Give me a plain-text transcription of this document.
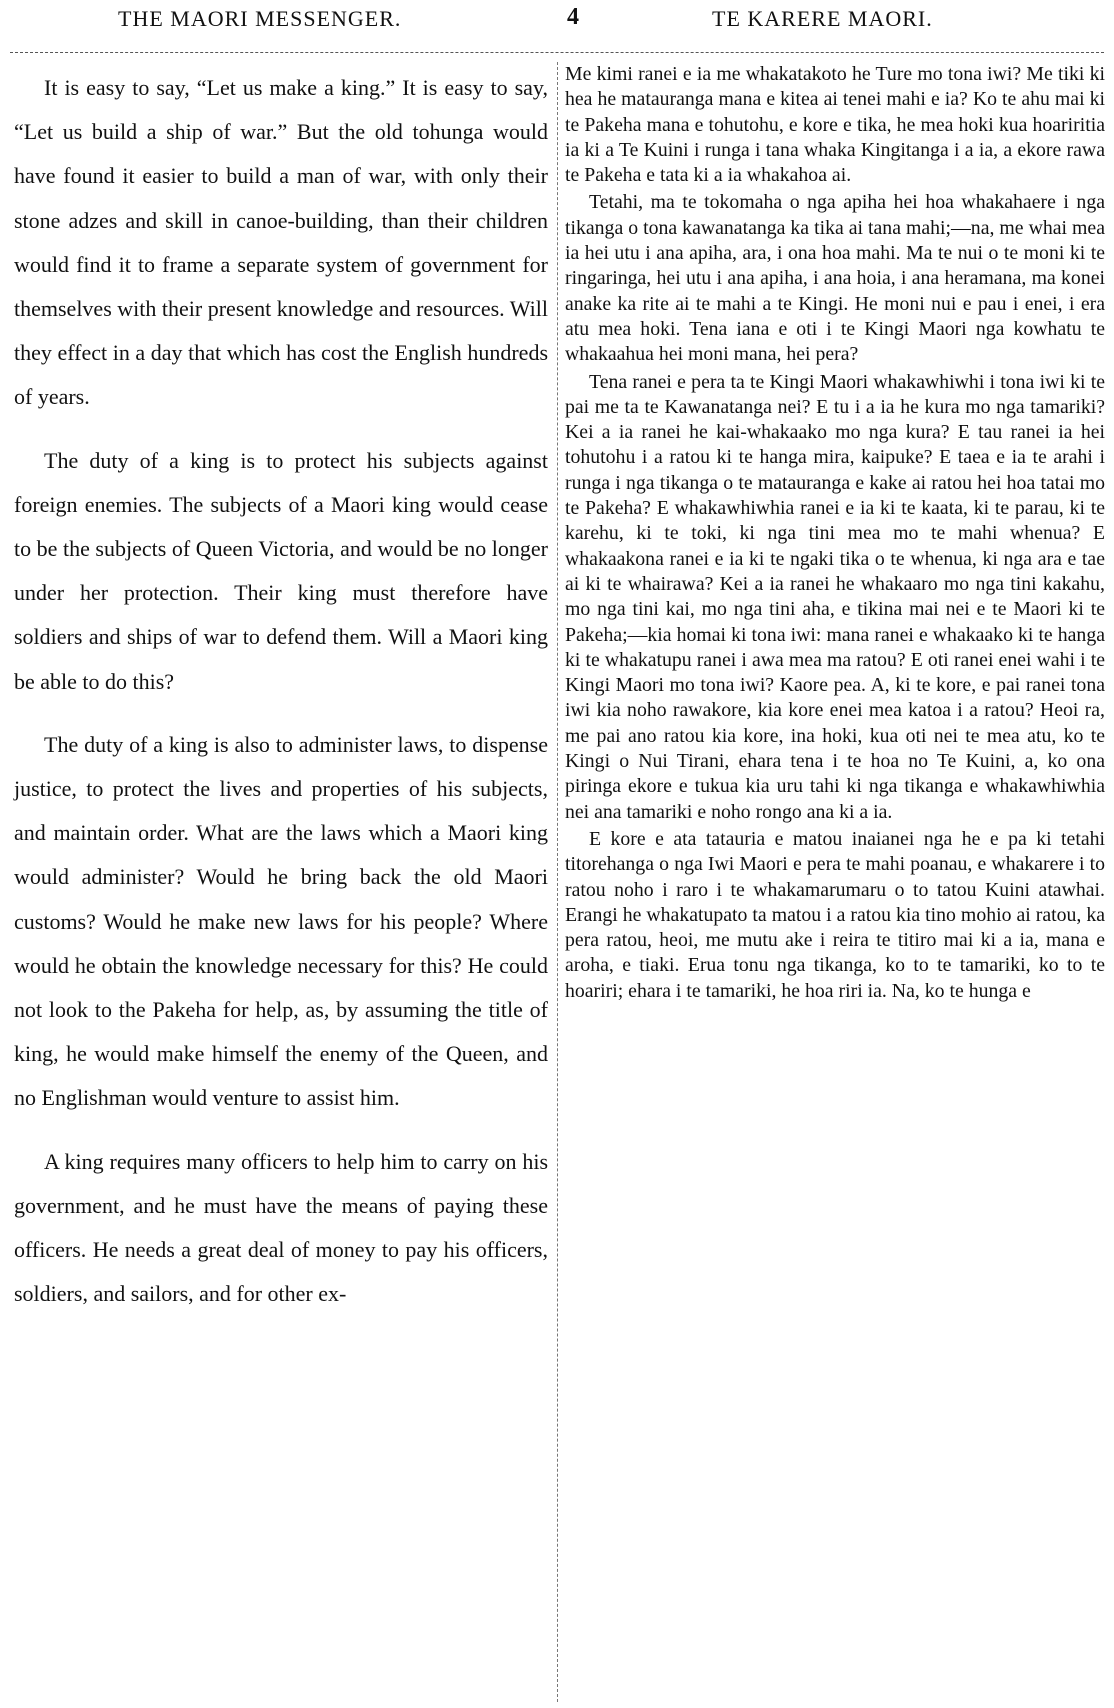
THE MAORI MESSENGER.	4	TE KARERE MAORI.

It is easy to say, “Let us make a king.” It is easy to say, “Let us build a ship of war.” But the old tohunga would have found it easier to build a man of war, with only their stone adzes and skill in canoe-building, than their children would find it to frame a separate system of government for themselves with their present knowledge and resources. Will they effect in a day that which has cost the English hundreds of years.

The duty of a king is to protect his subjects against foreign enemies. The subjects of a Maori king would cease to be the subjects of Queen Victoria, and would be no longer under her protection. Their king must therefore have soldiers and ships of war to defend them. Will a Maori king be able to do this?

The duty of a king is also to administer laws, to dispense justice, to protect the lives and properties of his subjects, and maintain order. What are the laws which a Maori king would administer? Would he bring back the old Maori customs? Would he make new laws for his people? Where would he obtain the knowledge necessary for this? He could not look to the Pakeha for help, as, by assuming the title of king, he would make himself the enemy of the Queen, and no Englishman would venture to assist him.

A king requires many officers to help him to carry on his government, and he must have the means of paying these officers. He needs a great deal of money to pay his officers, soldiers, and sailors, and for other ex-

Me kimi ranei e ia me whakatakoto he Ture mo tona iwi? Me tiki ki hea he matauranga mana e kitea ai tenei mahi e ia? Ko te ahu mai ki te Pakeha mana e tohutohu, e kore e tika, he mea hoki kua hoariritia ia ki a Te Kuini i runga i tana whaka Kingitanga i a ia, a ekore rawa te Pakeha e tata ki a ia whakahoa ai.

Tetahi, ma te tokomaha o nga apiha hei hoa whakahaere i nga tikanga o tona kawanatanga ka tika ai tana mahi;—na, me whai mea ia hei utu i ana apiha, ara, i ona hoa mahi. Ma te nui o te moni ki te ringaringa, hei utu i ana apiha, i ana hoia, i ana heramana, ma konei anake ka rite ai te mahi a te Kingi. He moni nui e pau i enei, i era atu mea hoki. Tena iana e oti i te Kingi Maori nga kowhatu te whakaahua hei moni mana, hei pera?

Tena ranei e pera ta te Kingi Maori whakawhiwhi i tona iwi ki te pai me ta te Kawanatanga nei? E tu i a ia he kura mo nga tamariki? Kei a ia ranei he kai-whakaako mo nga kura? E tau ranei ia hei tohutohu i a ratou ki te hanga mira, kaipuke? E taea e ia te arahi i runga i nga tikanga o te matauranga e kake ai ratou hei hoa tatai mo te Pakeha? E whakawhiwhia ranei e ia ki te kaata, ki te parau, ki te karehu, ki te toki, ki nga tini mea mo te mahi whenua? E whakaakona ranei e ia ki te ngaki tika o te whenua, ki nga ara e tae ai ki te whairawa? Kei a ia ranei he whakaaro mo nga tini kakahu, mo nga tini kai, mo nga tini aha, e tikina mai nei e te Maori ki te Pakeha;—kia homai ki tona iwi: mana ranei e whakaako ki te hanga ki te whakatupu ranei i awa mea ma ratou? E oti ranei enei wahi i te Kingi Maori mo tona iwi? Kaore pea. A, ki te kore, e pai ranei tona iwi kia noho rawakore, kia kore enei mea katoa i a ratou? Heoi ra, me pai ano ratou kia kore, ina hoki, kua oti nei te mea atu, ko te Kingi o Nui Tirani, ehara tena i te hoa no Te Kuini, a, ko ona piringa ekore e tukua kia uru tahi ki nga tikanga e whakawhiwhia nei ana tamariki e noho rongo ana ki a ia.

E kore e ata tatauria e matou inaianei nga he e pa ki tetahi titorehanga o nga Iwi Maori e pera te mahi poanau, e whakarere i to ratou noho i raro i te whakamarumaru o to tatou Kuini atawhai. Erangi he whakatupato ta matou i a ratou kia tino mohio ai ratou, ka pera ratou, heoi, me mutu ake i reira te titiro mai ki a ia, mana e aroha, e tiaki. Erua tonu nga tikanga, ko to te tamariki, ko to te hoariri; ehara i te tamariki, he hoa riri ia. Na, ko te hunga e
